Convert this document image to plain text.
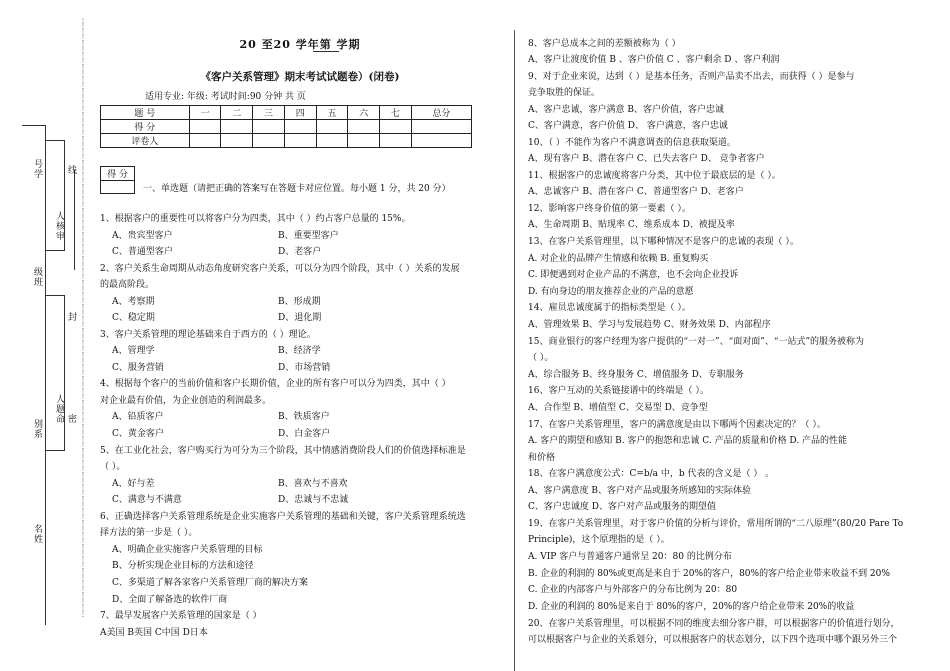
⋮⋮⋮⋮⋮⋮⋮⋮⋮⋮⋮⋮⋮⋮⋮⋮⋮⋮⋮⋮⋮⋮⋮⋮⋮⋮⋮⋮⋮⋮⋮⋮⋮⋮⋮⋮⋮⋮⋮⋮⋮⋮⋮⋮⋮⋮⋮⋮⋮⋮⋮⋮⋮⋮⋮⋮⋮⋮⋮⋮⋮⋮⋮⋮⋮⋮⋮⋮⋮⋮⋮⋮⋮⋮⋮⋮⋮⋮⋮⋮⋮⋮⋮⋮⋮⋮⋮⋮⋮⋮⋮⋮⋮⋮⋮⋮⋮⋮⋮⋮
线
号学
人核审
级班
封
人题命 密
别系
名姓
20 至20 学年第 学期
《客户关系管理》期末考试试题卷）(闭卷)
适用专业: 年级: 考试时间:90 分钟 共 页
题 号	一	二	三	四	五	六	七	总分
得 分								
评卷人								
得 分

一、单选题（请把正确的答案写在答题卡对应位置。每小题 1 分，共 20 分）
1、根据客户的重要性可以将客户分为四类，其中（ ）约占客户总量的 15%。
A、贵宾型客户	B、重要型客户
C、普通型客户	D、老客户
2、客户关系生命周期从动态角度研究客户关系，可以分为四个阶段，其中（ ）关系的发展
的最高阶段。
A、考察期	B、形成期
C、稳定期	D、退化期
3、客户关系管理的理论基础来自于西方的（ ）理论。
A、管理学	B、经济学
C、服务营销	D、市场营销
4、根据每个客户的当前价值和客户长期价值，企业的所有客户可以分为四类，其中（ ）
对企业最有价值，为企业创造的利润最多。
A、铅质客户	B、铁质客户
C、黄金客户	D、白金客户
5、在工业化社会，客户购买行为可分为三个阶段，其中情感消费阶段人们的价值选择标准是
（ ）。
A、好与差	B、喜欢与不喜欢
C、满意与不满意	D、忠诚与不忠诚
6、正确选择客户关系管理系统是企业实施客户关系管理的基础和关键，客户关系管理系统选
择方法的第一步是（ ）。
A、明确企业实施客户关系管理的目标
B、分析实现企业目标的方法和途径
C、多渠道了解各家客户关系管理厂商的解决方案
D、全面了解备选的软件厂商
7、最早发展客户关系管理的国家是（ ）
A美国 B英国 C中国 D日本
8、客户总成本之间的差额被称为（ ）
A、客户让渡度价值 B 、客户价值 C 、客户剩余 D 、客户利润
9、对于企业来说，达到（ ）是基本任务，否则产品卖不出去，而获得（ ）是参与
竞争取胜的保证。
A、客户忠诚，客户满意 B、客户价值，客户忠诚
C、客户满意，客户价值 D、 客户满意，客户忠诚
10、（ ）不能作为客户不满意调查的信息获取渠道。
A、现有客户 B、潜在客户 C、已失去客户 D、 竞争者客户
11、根据客户的忠诚度将客户分类，其中位于最底层的是（ ）。
A、忠诚客户 B、潜在客户 C、普通型客户 D、老客户
12、影响客户终身价值的第一要素（ ）。
A、生命周期 B、贴现率 C、维系成本 D、被提及率
13、在客户关系管理里，以下哪种情况不是客户的忠诚的表现（ ）。
A. 对企业的品牌产生情感和依赖 B. 重复购买
C. 即便遇到对企业产品的不满意，也不会向企业投诉
D. 有向身边的朋友推荐企业的产品的意愿
14、雇员忠诚度属于的指标类型是（ ）。
A、管理效果 B、学习与发展趋势 C、财务效果 D、内部程序
15、商业银行的客户经理为客户提供的“一对一”、“面对面”、“一站式”的服务被称为
（ ）。
A、综合服务 B、终身服务 C、增值服务 D、专职服务
16、客户互动的关系链接谱中的终端是（ ）。
A、合作型 B、增值型 C、交易型 D、竞争型
17、在客户关系管理里，客户的满意度是由以下哪两个因素决定的？（ ）。
A. 客户的期望和感知 B. 客户的抱怨和忠诚 C. 产品的质量和价格 D. 产品的性能
和价格
18、在客户满意度公式：C=b/a 中，b 代表的含义是（ ） 。
A、客户满意度 B、客户对产品或服务所感知的实际体验
C、客户忠诚度 D、客户对产品或服务的期望值
19、在客户关系管理里，对于客户价值的分析与评价，常用所谓的“二八原理”(80/20 Pare To
Principle)，这个原理指的是（ ）。
A. VIP 客户与普通客户通常呈 20：80 的比例分布
B. 企业的利润的 80%或更高是来自于 20%的客户，80%的客户给企业带来收益不到 20%
C. 企业的内部客户与外部客户的分布比例为 20：80
D. 企业的利润的 80%是来自于 80%的客户，20%的客户给企业带来 20%的收益
20、在客户关系管理里，可以根据不同的维度去细分客户群，可以根据客户的价值进行划分，
可以根据客户与企业的关系划分，可以根据客户的状态划分，以下四个选项中哪个跟另外三个
